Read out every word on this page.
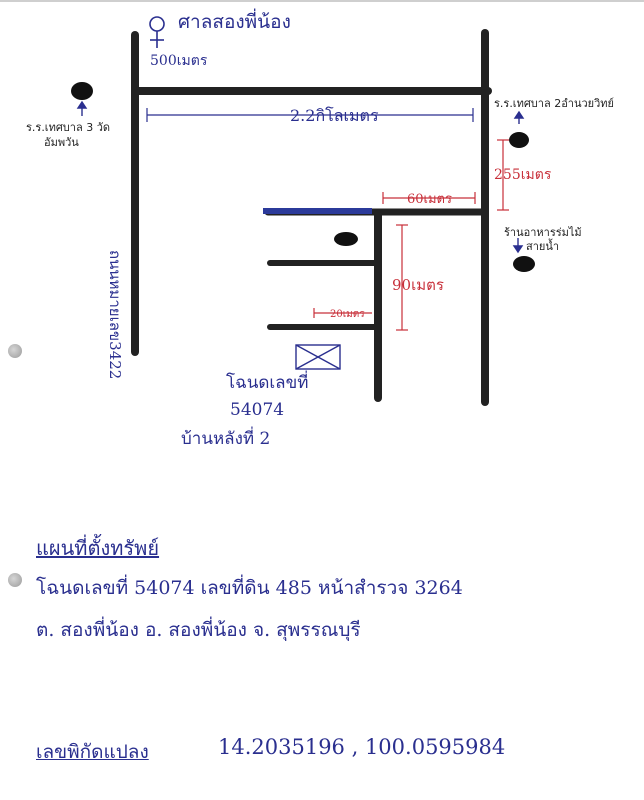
ศาลสองพี่น้อง
500เมตร
2.2กิโลเมตร
ร.ร.เทศบาล 3 วัด
อัมพวัน
ร.ร.เทศบาล 2อำนวยวิทย์
ร้านอาหารร่มไม้
สายน้ำ
255เมตร
60เมตร
90เมตร
20เมตร
ถนนหมายเลข3422
โฉนดเลขที่
54074
บ้านหลังที่ 2
แผนที่ตั้งทรัพย์
โฉนดเลขที่ 54074 เลขที่ดิน 485 หน้าสำรวจ 3264
ต. สองพี่น้อง อ. สองพี่น้อง จ. สุพรรณบุรี
เลขพิกัดแปลง	14.2035196 , 100.0595984
